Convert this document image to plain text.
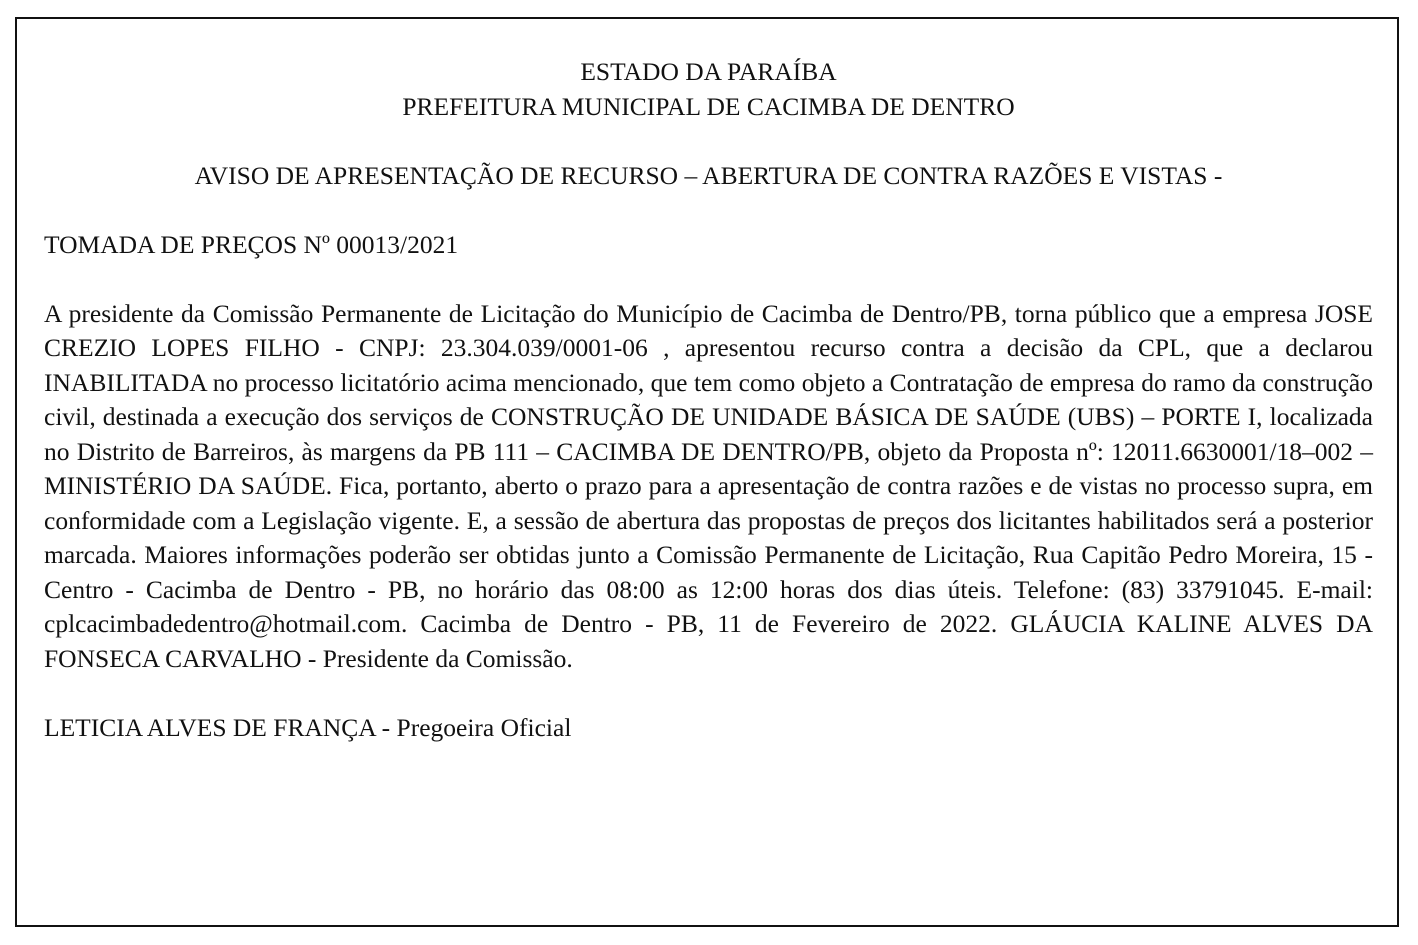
ESTADO DA PARAÍBA
PREFEITURA MUNICIPAL DE CACIMBA DE DENTRO

AVISO DE APRESENTAÇÃO DE RECURSO – ABERTURA DE CONTRA RAZÕES E VISTAS -

TOMADA DE PREÇOS Nº 00013/2021

A presidente da Comissão Permanente de Licitação do Município de Cacimba de Dentro/PB, torna público que a empresa JOSE CREZIO LOPES FILHO - CNPJ: 23.304.039/0001-06 , apresentou recurso contra a decisão da CPL, que a declarou INABILITADA no processo licitatório acima mencionado, que tem como objeto a Contratação de empresa do ramo da construção civil, destinada a execução dos serviços de CONSTRUÇÃO DE UNIDADE BÁSICA DE SAÚDE (UBS) – PORTE I, localizada no Distrito de Barreiros, às margens da PB 111 – CACIMBA DE DENTRO/PB, objeto da Proposta nº: 12011.6630001/18–002 – MINISTÉRIO DA SAÚDE. Fica, portanto, aberto o prazo para a apresentação de contra razões e de vistas no processo supra, em conformidade com a Legislação vigente. E, a sessão de abertura das propostas de preços dos licitantes habilitados será a posterior marcada. Maiores informações poderão ser obtidas junto a Comissão Permanente de Licitação, Rua Capitão Pedro Moreira, 15 - Centro - Cacimba de Dentro - PB, no horário das 08:00 as 12:00 horas dos dias úteis. Telefone: (83) 33791045. E-mail: cplcacimbadedentro@hotmail.com. Cacimba de Dentro - PB, 11 de Fevereiro de 2022. GLÁUCIA KALINE ALVES DA FONSECA CARVALHO - Presidente da Comissão.

LETICIA ALVES DE FRANÇA - Pregoeira Oficial
